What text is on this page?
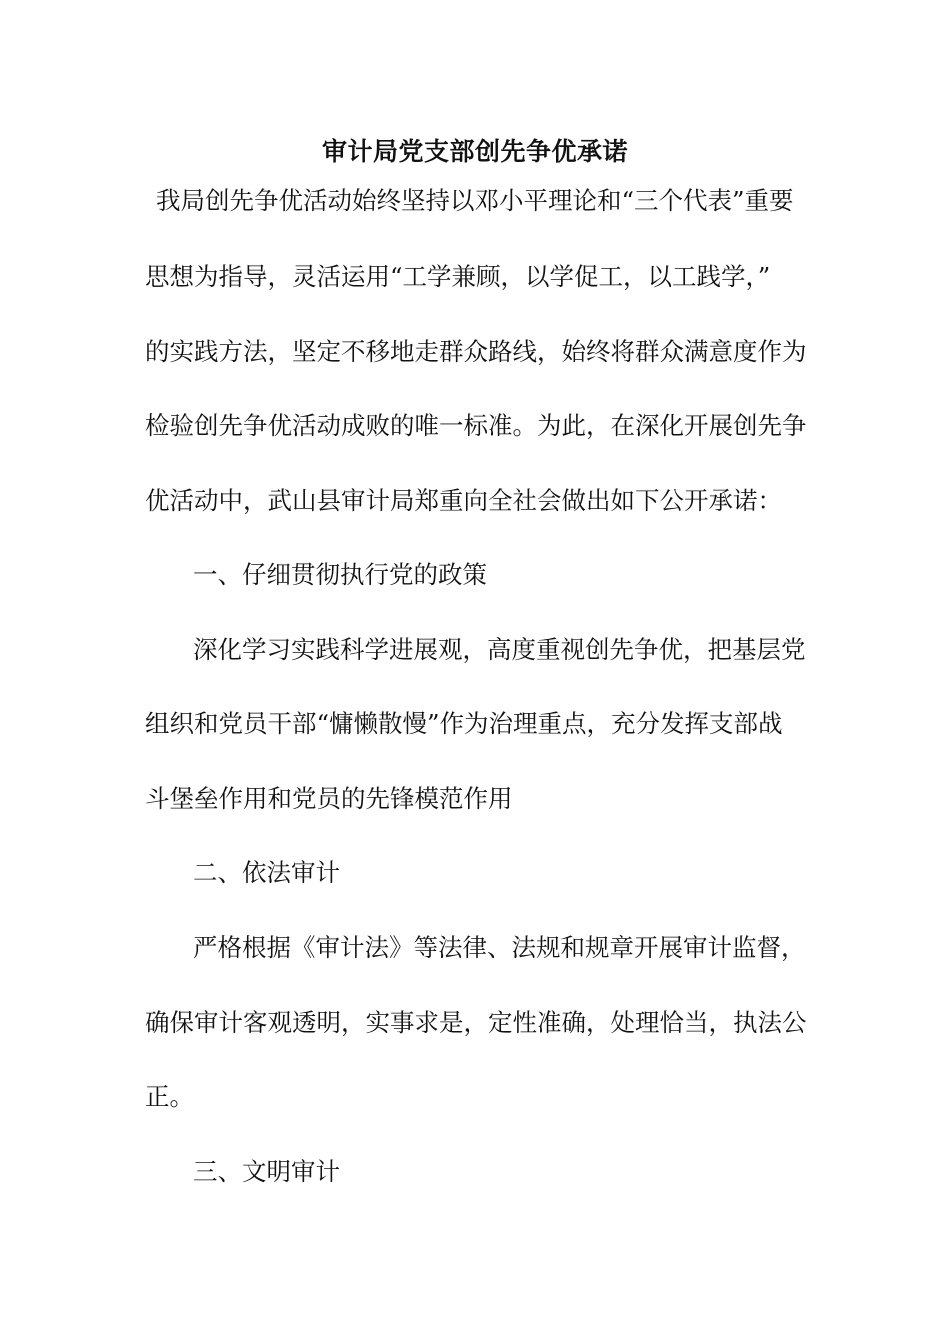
审计局党支部创先争优承诺
我局创先争优活动始终坚持以邓小平理论和“三个代表”重要
思想为指导，灵活运用“工学兼顾，以学促工，以工践学，”
的实践方法，坚定不移地走群众路线，始终将群众满意度作为
检验创先争优活动成败的唯一标准。为此，在深化开展创先争
优活动中，武山县审计局郑重向全社会做出如下公开承诺：
一、仔细贯彻执行党的政策
深化学习实践科学进展观，高度重视创先争优，把基层党
组织和党员干部“慵懒散慢”作为治理重点，充分发挥支部战
斗堡垒作用和党员的先锋模范作用
二、依法审计
严格根据《审计法》等法律、法规和规章开展审计监督，
确保审计客观透明，实事求是，定性准确，处理恰当，执法公
正。
三、文明审计
